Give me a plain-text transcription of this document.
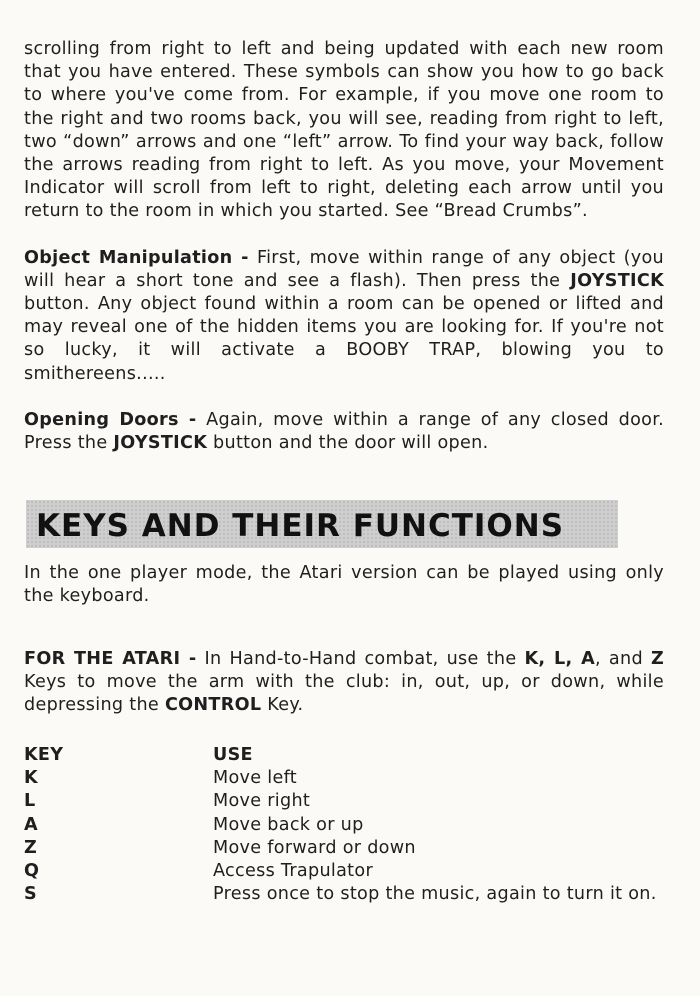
scrolling from right to left and being updated with each new room that you have entered. These symbols can show you how to go back to where you've come from. For example, if you move one room to the right and two rooms back, you will see, reading from right to left, two “down” arrows and one “left” arrow. To find your way back, follow the arrows reading from right to left. As you move, your Movement Indicator will scroll from left to right, deleting each arrow until you return to the room in which you started. See “Bread Crumbs”.

Object Manipulation - First, move within range of any object (you will hear a short tone and see a flash). Then press the JOYSTICK button. Any object found within a room can be opened or lifted and may reveal one of the hidden items you are looking for. If you're not so lucky, it will activate a BOOBY TRAP, blowing you to smithereens.....

Opening Doors - Again, move within a range of any closed door. Press the JOYSTICK button and the door will open.

KEYS AND THEIR FUNCTIONS

In the one player mode, the Atari version can be played using only the keyboard.

FOR THE ATARI - In Hand-to-Hand combat, use the K, L, A, and Z Keys to move the arm with the club: in, out, up, or down, while depressing the CONTROL Key.

KEY	USE
K	Move left
L	Move right
A	Move back or up
Z	Move forward or down
Q	Access Trapulator
S	Press once to stop the music, again to turn it on.
